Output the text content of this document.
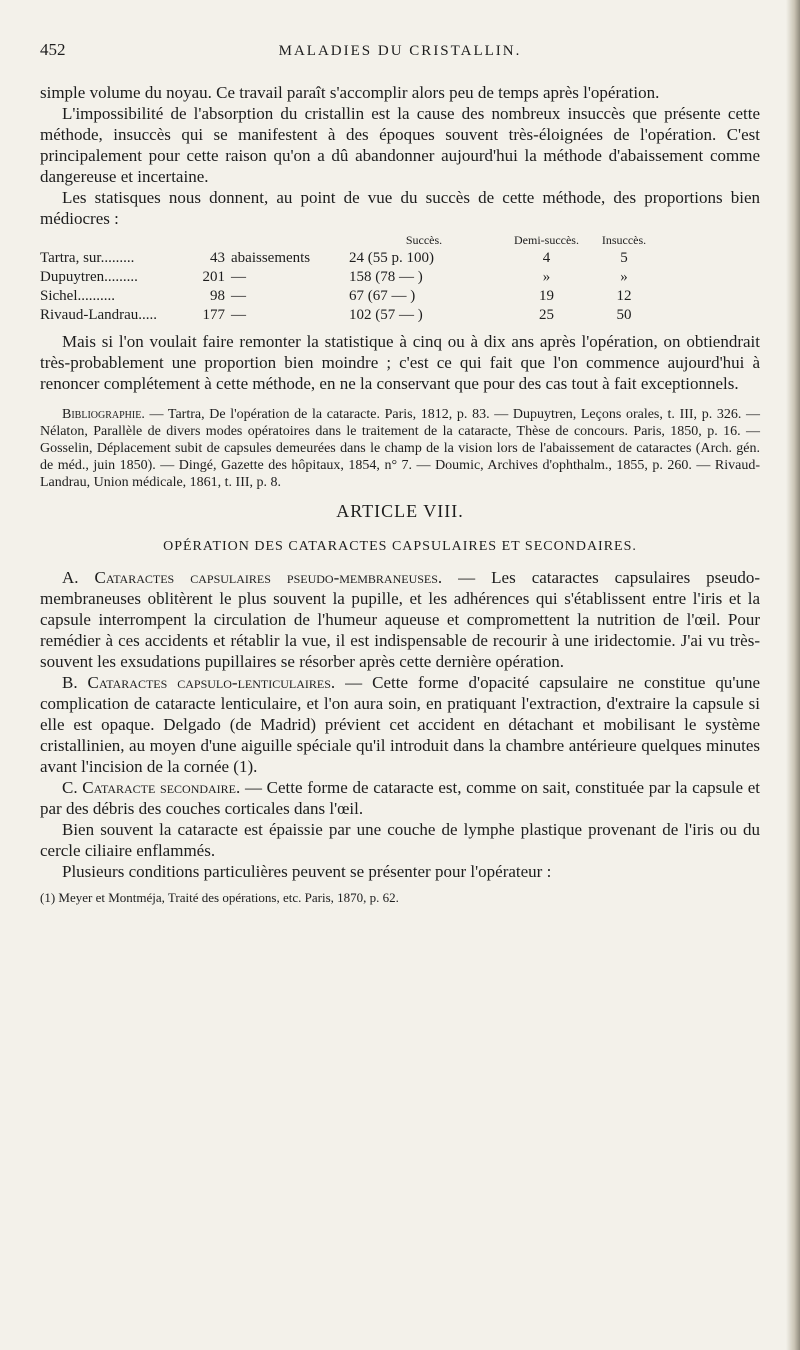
452	MALADIES DU CRISTALLIN.

simple volume du noyau. Ce travail paraît s'accomplir alors peu de temps après l'opération.

L'impossibilité de l'absorption du cristallin est la cause des nombreux insuccès que présente cette méthode, insuccès qui se manifestent à des époques souvent très-éloignées de l'opération. C'est principalement pour cette raison qu'on a dû abandonner aujourd'hui la méthode d'abaissement comme dangereuse et incertaine.

Les statisques nous donnent, au point de vue du succès de cette méthode, des proportions bien médiocres :

Succès.	Demi-succès.	Insuccès.
Tartra, sur.........	43 abaissements	24 (55 p. 100)	4	5
Dupuytren.........	201 —	158 (78 — )	»	»
Sichel..........	98 —	67 (67 — )	19	12
Rivaud-Landrau.....	177 —	102 (57 — )	25	50

Mais si l'on voulait faire remonter la statistique à cinq ou à dix ans après l'opération, on obtiendrait très-probablement une proportion bien moindre ; c'est ce qui fait que l'on commence aujourd'hui à renoncer complétement à cette méthode, en ne la conservant que pour des cas tout à fait exceptionnels.

Bibliographie. — Tartra, De l'opération de la cataracte. Paris, 1812, p. 83. — Dupuytren, Leçons orales, t. III, p. 326. — Nélaton, Parallèle de divers modes opératoires dans le traitement de la cataracte, Thèse de concours. Paris, 1850, p. 16. — Gosselin, Déplacement subit de capsules demeurées dans le champ de la vision lors de l'abaissement de cataractes (Arch. gén. de méd., juin 1850). — Dingé, Gazette des hôpitaux, 1854, n° 7. — Doumic, Archives d'ophthalm., 1855, p. 260. — Rivaud-Landrau, Union médicale, 1861, t. III, p. 8.

ARTICLE VIII.
OPÉRATION DES CATARACTES CAPSULAIRES ET SECONDAIRES.

A. Cataractes capsulaires pseudo-membraneuses. — Les cataractes capsulaires pseudo-membraneuses oblitèrent le plus souvent la pupille, et les adhérences qui s'établissent entre l'iris et la capsule interrompent la circulation de l'humeur aqueuse et compromettent la nutrition de l'œil. Pour remédier à ces accidents et rétablir la vue, il est indispensable de recourir à une iridectomie. J'ai vu très-souvent les exsudations pupillaires se résorber après cette dernière opération.

B. Cataractes capsulo-lenticulaires. — Cette forme d'opacité capsulaire ne constitue qu'une complication de cataracte lenticulaire, et l'on aura soin, en pratiquant l'extraction, d'extraire la capsule si elle est opaque. Delgado (de Madrid) prévient cet accident en détachant et mobilisant le système cristallinien, au moyen d'une aiguille spéciale qu'il introduit dans la chambre antérieure quelques minutes avant l'incision de la cornée (1).

C. Cataracte secondaire. — Cette forme de cataracte est, comme on sait, constituée par la capsule et par des débris des couches corticales dans l'œil.

Bien souvent la cataracte est épaissie par une couche de lymphe plastique provenant de l'iris ou du cercle ciliaire enflammés.

Plusieurs conditions particulières peuvent se présenter pour l'opérateur :

(1) Meyer et Montméja, Traité des opérations, etc. Paris, 1870, p. 62.
